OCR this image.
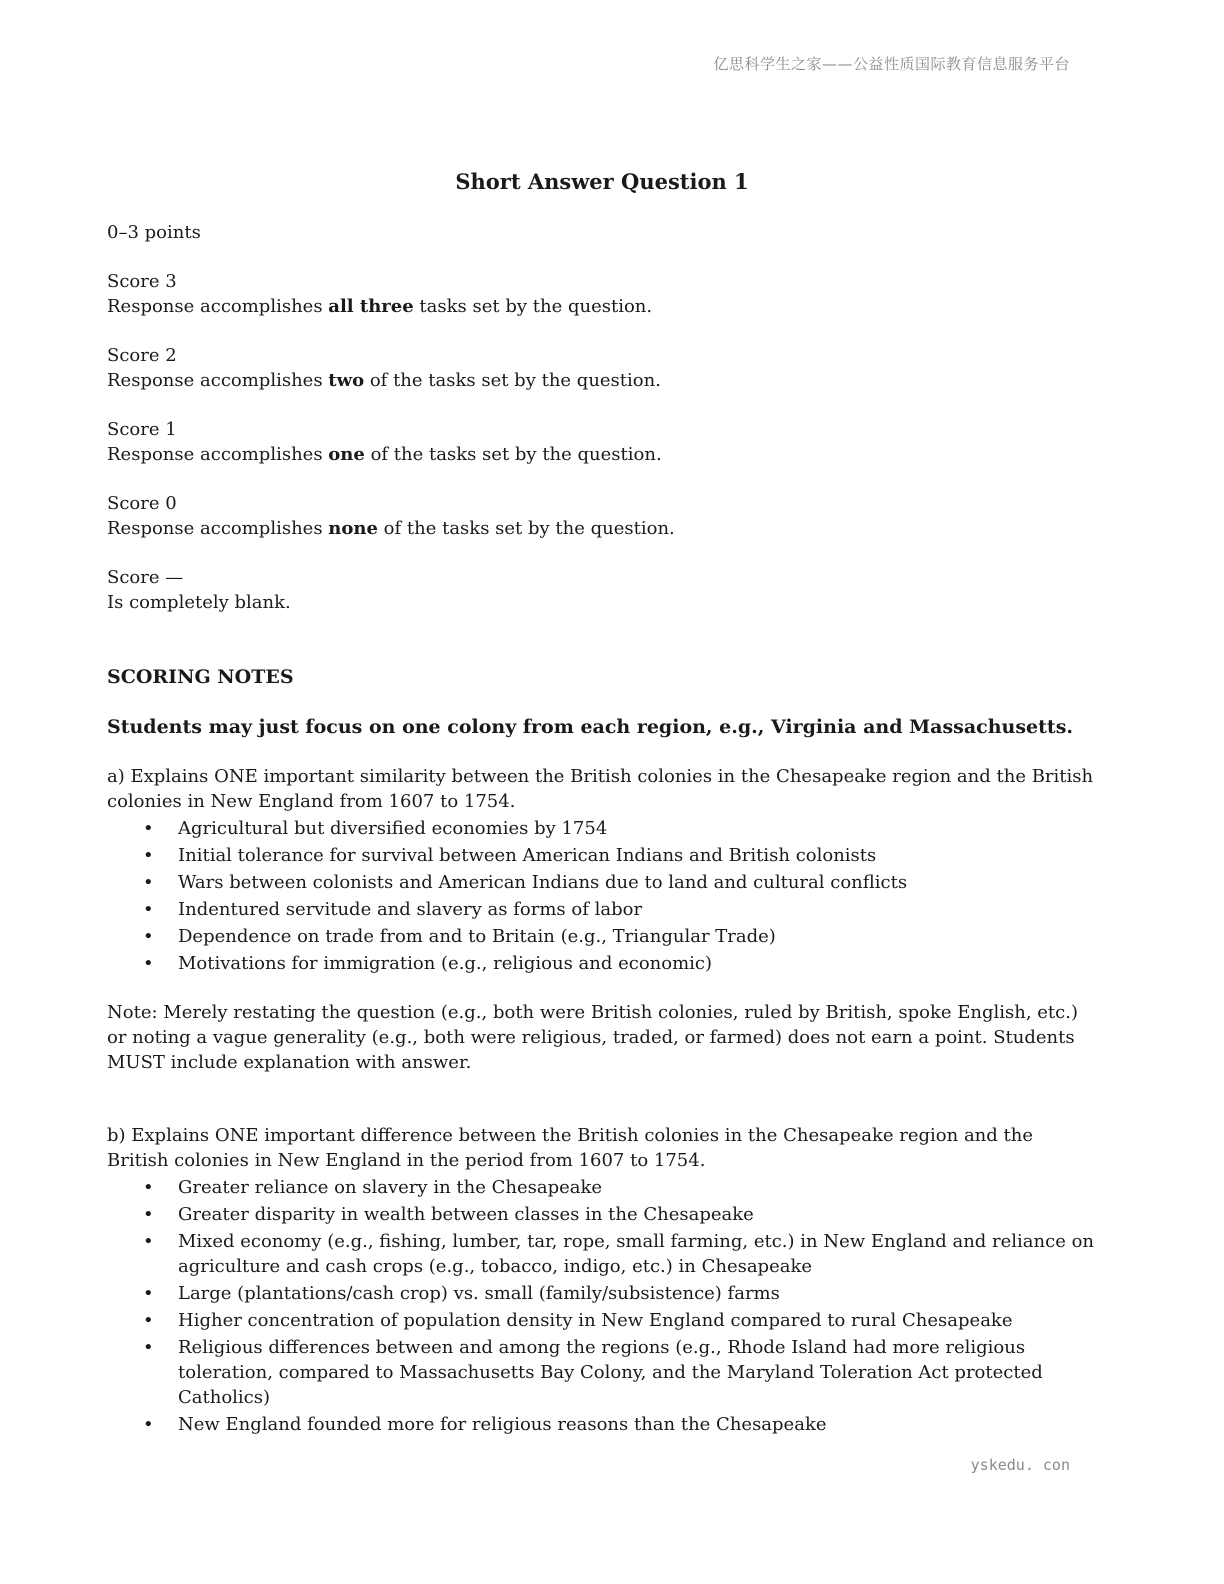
亿思科学生之家——公益性质国际教育信息服务平台
Short Answer Question 1

0–3 points

Score 3

Response accomplishes all three tasks set by the question.

Score 2

Response accomplishes two of the tasks set by the question.

Score 1

Response accomplishes one of the tasks set by the question.

Score 0

Response accomplishes none of the tasks set by the question.

Score —

Is completely blank.

SCORING NOTES

Students may just focus on one colony from each region, e.g., Virginia and Massachusetts.

a) Explains ONE important similarity between the British colonies in the Chesapeake region and the British colonies in New England from 1607 to 1754.

• Agricultural but diversified economies by 1754
• Initial tolerance for survival between American Indians and British colonists
• Wars between colonists and American Indians due to land and cultural conflicts
• Indentured servitude and slavery as forms of labor
• Dependence on trade from and to Britain (e.g., Triangular Trade)
• Motivations for immigration (e.g., religious and economic)

Note: Merely restating the question (e.g., both were British colonies, ruled by British, spoke English, etc.) or noting a vague generality (e.g., both were religious, traded, or farmed) does not earn a point. Students MUST include explanation with answer.

b) Explains ONE important difference between the British colonies in the Chesapeake region and the British colonies in New England in the period from 1607 to 1754.

• Greater reliance on slavery in the Chesapeake
• Greater disparity in wealth between classes in the Chesapeake
• Mixed economy (e.g., fishing, lumber, tar, rope, small farming, etc.) in New England and reliance on agriculture and cash crops (e.g., tobacco, indigo, etc.) in Chesapeake
• Large (plantations/cash crop) vs. small (family/subsistence) farms
• Higher concentration of population density in New England compared to rural Chesapeake
• Religious differences between and among the regions (e.g., Rhode Island had more religious toleration, compared to Massachusetts Bay Colony, and the Maryland Toleration Act protected Catholics)
• New England founded more for religious reasons than the Chesapeake
yskedu. con
